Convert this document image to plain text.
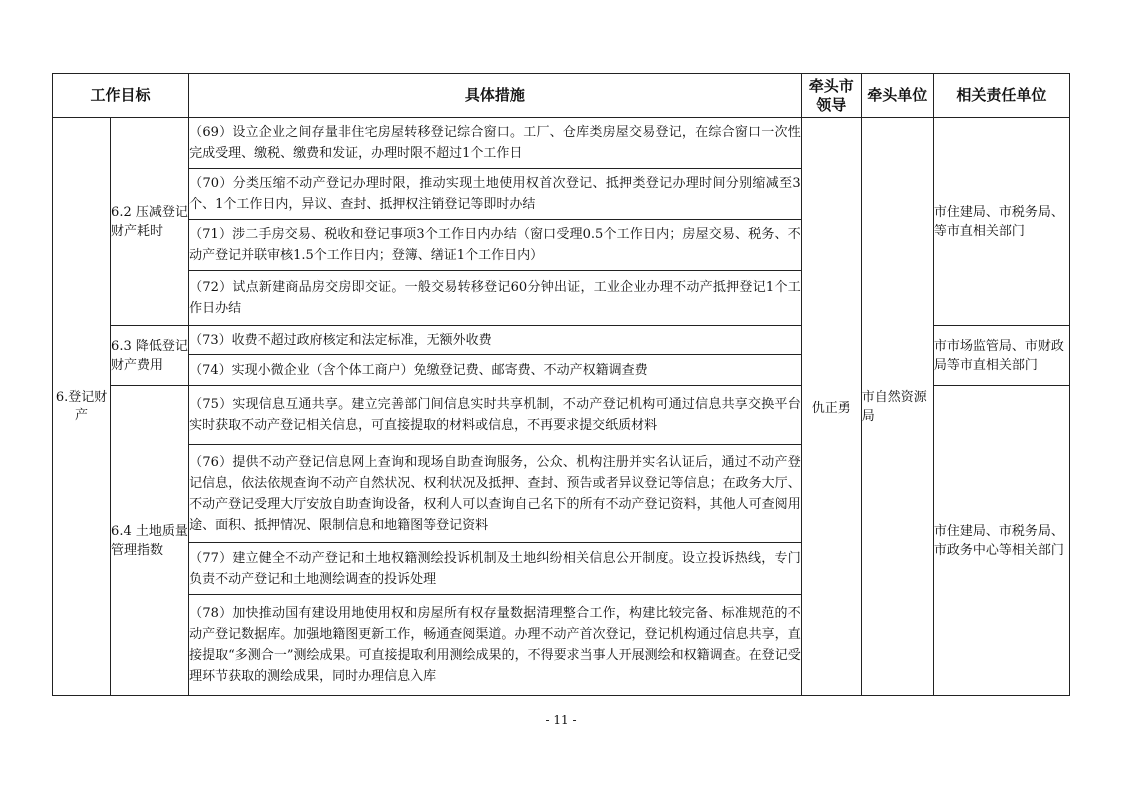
工作目标		具体措施	牵头市领导	牵头单位	相关责任单位
6.登记财产	6.2 压减登记财产耗时	（69）设立企业之间存量非住宅房屋转移登记综合窗口。工厂、仓库类房屋交易登记，在综合窗口一次性完成受理、缴税、缴费和发证，办理时限不超过1个工作日	仇正勇	市自然资源局	市住建局、市税务局、等市直相关部门
		（70）分类压缩不动产登记办理时限，推动实现土地使用权首次登记、抵押类登记办理时间分别缩减至3个、1个工作日内，异议、查封、抵押权注销登记等即时办结			
		（71）涉二手房交易、税收和登记事项3个工作日内办结（窗口受理0.5个工作日内；房屋交易、税务、不动产登记并联审核1.5个工作日内；登簿、缮证1个工作日内）			
		（72）试点新建商品房交房即交证。一般交易转移登记60分钟出证，工业企业办理不动产抵押登记1个工作日办结			
	6.3 降低登记财产费用	（73）收费不超过政府核定和法定标准，无额外收费			市市场监管局、市财政局等市直相关部门
		（74）实现小微企业（含个体工商户）免缴登记费、邮寄费、不动产权籍调查费			
	6.4 土地质量管理指数	（75）实现信息互通共享。建立完善部门间信息实时共享机制，不动产登记机构可通过信息共享交换平台实时获取不动产登记相关信息，可直接提取的材料或信息，不再要求提交纸质材料			市住建局、市税务局、市政务中心等相关部门
		（76）提供不动产登记信息网上查询和现场自助查询服务，公众、机构注册并实名认证后，通过不动产登记信息，依法依规查询不动产自然状况、权利状况及抵押、查封、预告或者异议登记等信息；在政务大厅、不动产登记受理大厅安放自助查询设备，权利人可以查询自己名下的所有不动产登记资料，其他人可查阅用途、面积、抵押情况、限制信息和地籍图等登记资料			
		（77）建立健全不动产登记和土地权籍测绘投诉机制及土地纠纷相关信息公开制度。设立投诉热线，专门负责不动产登记和土地测绘调查的投诉处理			
		（78）加快推动国有建设用地使用权和房屋所有权存量数据清理整合工作，构建比较完备、标准规范的不动产登记数据库。加强地籍图更新工作，畅通查阅渠道。办理不动产首次登记，登记机构通过信息共享，直接提取“多测合一”测绘成果。可直接提取利用测绘成果的，不得要求当事人开展测绘和权籍调查。在登记受理环节获取的测绘成果，同时办理信息入库			
- 11 -
